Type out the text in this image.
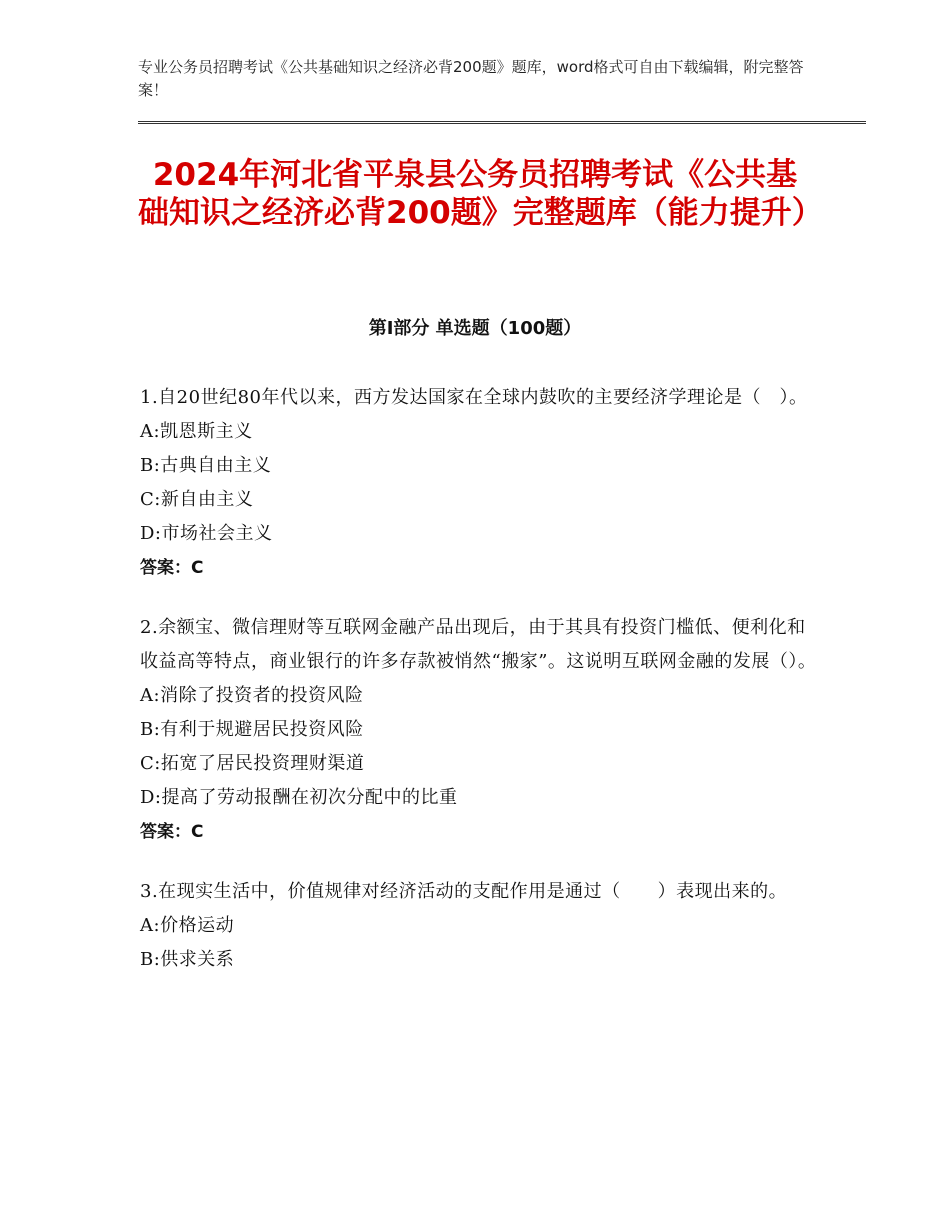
专业公务员招聘考试《公共基础知识之经济必背200题》题库，word格式可自由下载编辑，附完整答案！
2024年河北省平泉县公务员招聘考试《公共基础知识之经济必背200题》完整题库（能力提升）
第Ⅰ部分 单选题（100题）
1.自20世纪80年代以来，西方发达国家在全球内鼓吹的主要经济学理论是（　）。
A:凯恩斯主义
B:古典自由主义
C:新自由主义
D:市场社会主义
答案：C
2.余额宝、微信理财等互联网金融产品出现后，由于其具有投资门槛低、便利化和收益高等特点，商业银行的许多存款被悄然“搬家”。这说明互联网金融的发展（）。
A:消除了投资者的投资风险
B:有利于规避居民投资风险
C:拓宽了居民投资理财渠道
D:提高了劳动报酬在初次分配中的比重
答案：C
3.在现实生活中，价值规律对经济活动的支配作用是通过（　　）表现出来的。
A:价格运动
B:供求关系
